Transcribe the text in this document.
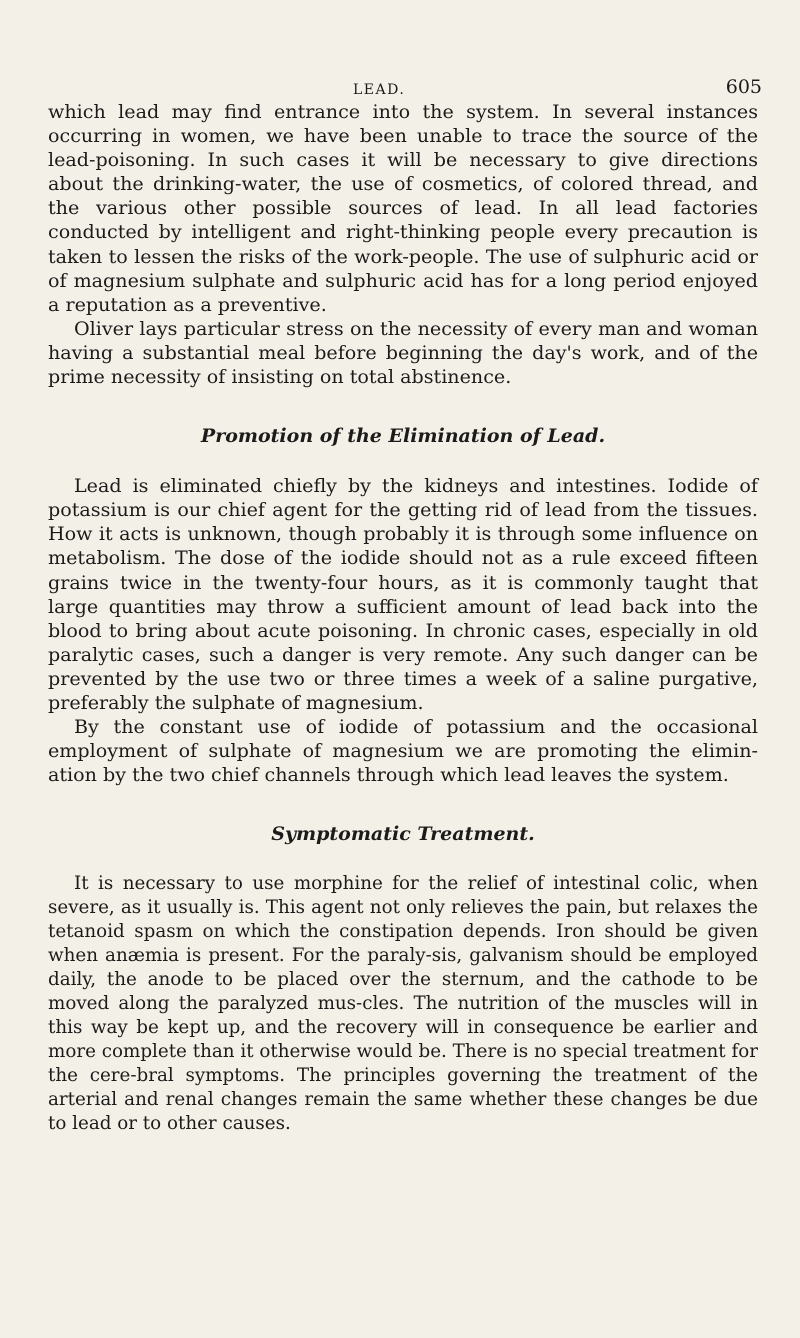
LEAD.	605

which lead may find entrance into the system. In several instances occurring in women, we have been unable to trace the source of the lead-poisoning. In such cases it will be necessary to give directions about the drinking-water, the use of cosmetics, of colored thread, and the various other possible sources of lead. In all lead factories conducted by intelligent and right-thinking people every precaution is taken to lessen the risks of the work-people. The use of sulphuric acid or of magnesium sulphate and sulphuric acid has for a long period enjoyed a reputation as a preventive.

Oliver lays particular stress on the necessity of every man and woman having a substantial meal before beginning the day's work, and of the prime necessity of insisting on total abstinence.

Promotion of the Elimination of Lead.

Lead is eliminated chiefly by the kidneys and intestines. Iodide of potassium is our chief agent for the getting rid of lead from the tissues. How it acts is unknown, though probably it is through some influence on metabolism. The dose of the iodide should not as a rule exceed fifteen grains twice in the twenty-four hours, as it is commonly taught that large quantities may throw a sufficient amount of lead back into the blood to bring about acute poisoning. In chronic cases, especially in old paralytic cases, such a danger is very remote. Any such danger can be prevented by the use two or three times a week of a saline purgative, preferably the sulphate of magnesium.

By the constant use of iodide of potassium and the occasional employment of sulphate of magnesium we are promoting the elimin-ation by the two chief channels through which lead leaves the system.

Symptomatic Treatment.

It is necessary to use morphine for the relief of intestinal colic, when severe, as it usually is. This agent not only relieves the pain, but relaxes the tetanoid spasm on which the constipation depends. Iron should be given when anæmia is present. For the paraly-sis, galvanism should be employed daily, the anode to be placed over the sternum, and the cathode to be moved along the paralyzed mus-cles. The nutrition of the muscles will in this way be kept up, and the recovery will in consequence be earlier and more complete than it otherwise would be. There is no special treatment for the cere-bral symptoms. The principles governing the treatment of the arterial and renal changes remain the same whether these changes be due to lead or to other causes.
